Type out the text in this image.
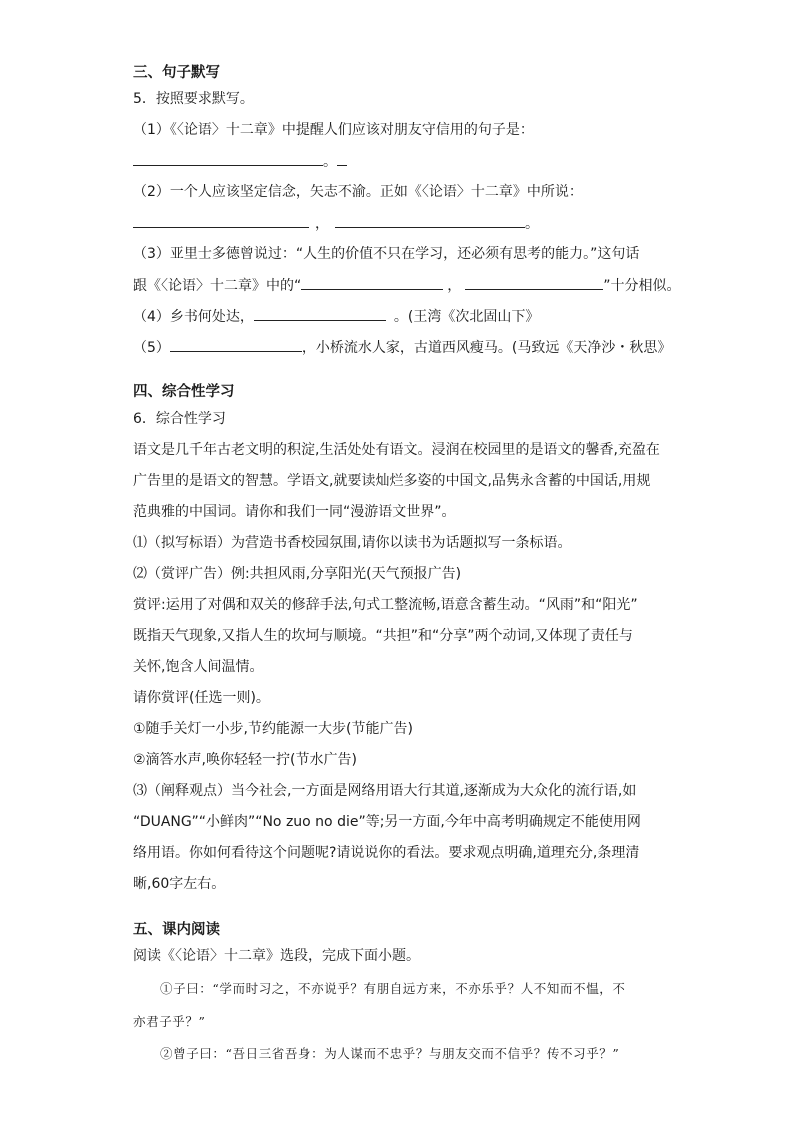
三、句子默写
5．按照要求默写。
（1）《〈论语〉十二章》中提醒人们应该对朋友守信用的句子是：
。
（2）一个人应该坚定信念，矢志不渝。正如《〈论语〉十二章》中所说：
，	。
（3）亚里士多德曾说过：“人生的价值不只在学习，还必须有思考的能力。”这句话
跟《〈论语〉十二章》中的“	，	”十分相似。
（4）乡书何处达，	。(王湾《次北固山下》
（5）	，小桥流水人家，古道西风瘦马。(马致远《天净沙・秋思》
四、综合性学习
6．综合性学习
语文是几千年古老文明的积淀,生活处处有语文。浸润在校园里的是语文的馨香,充盈在
广告里的是语文的智慧。学语文,就要读灿烂多姿的中国文,品隽永含蓄的中国话,用规
范典雅的中国词。请你和我们一同“漫游语文世界”。
⑴（拟写标语）为营造书香校园氛围,请你以读书为话题拟写一条标语。
⑵（赏评广告）例:共担风雨,分享阳光(天气预报广告)
赏评:运用了对偶和双关的修辞手法,句式工整流畅,语意含蓄生动。“风雨”和“阳光”
既指天气现象,又指人生的坎坷与顺境。“共担”和“分享”两个动词,又体现了责任与
关怀,饱含人间温情。
请你赏评(任选一则)。
①随手关灯一小步,节约能源一大步(节能广告)
②滴答水声,唤你轻轻一拧(节水广告)
⑶（阐释观点）当今社会,一方面是网络用语大行其道,逐渐成为大众化的流行语,如
“DUANG”“小鲜肉”“No zuo no die”等;另一方面,今年中高考明确规定不能使用网
络用语。你如何看待这个问题呢?请说说你的看法。要求观点明确,道理充分,条理清
晰,60字左右。
五、课内阅读
阅读《〈论语〉十二章》选段，完成下面小题。
①子曰：“学而时习之，不亦说乎？有朋自远方来，不亦乐乎？人不知而不愠，不
亦君子乎？”
②曾子曰：“吾日三省吾身：为人谋而不忠乎？与朋友交而不信乎？传不习乎？”
